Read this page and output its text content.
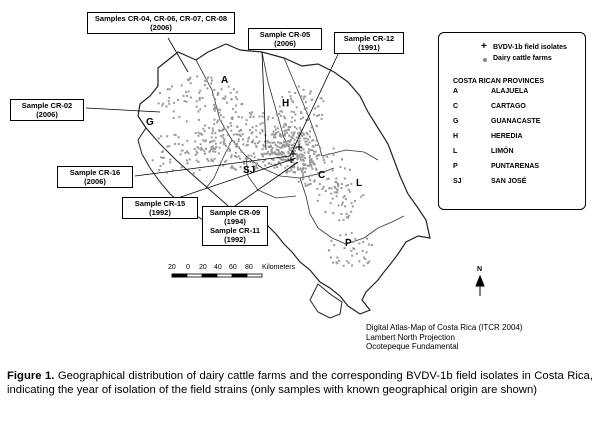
A
G
H
SJ	C
L
P
Samples CR-04, CR-06, CR-07, CR-08
(2006)
Sample CR-05
(2006)
Sample CR-12
(1991)
Sample CR-02
(2006)
Sample CR-16
(2006)
Sample CR-15
(1992)	Sample CR-09
(1994)
Sample CR-11
(1992)
+ BVDV-1b field isolates
Dairy cattle farms
COSTA RICAN PROVINCES
A	ALAJUELA
C	CARTAGO
G	GUANACASTE
H	HEREDIA
L	LIMÓN
P	PUNTARENAS
SJ	SAN JOSÉ
20 0 20 40 60 80 Kilometers	N
Digital Atlas-Map of Costa Rica (ITCR 2004)
Lambert North Projection
Ocotepeque Fundamental
Figure 1. Geographical distribution of dairy cattle farms and the corresponding BVDV-1b field isolates in Costa Rica, indicating the year of isolation of the field strains (only samples with known geographical origin are shown)
